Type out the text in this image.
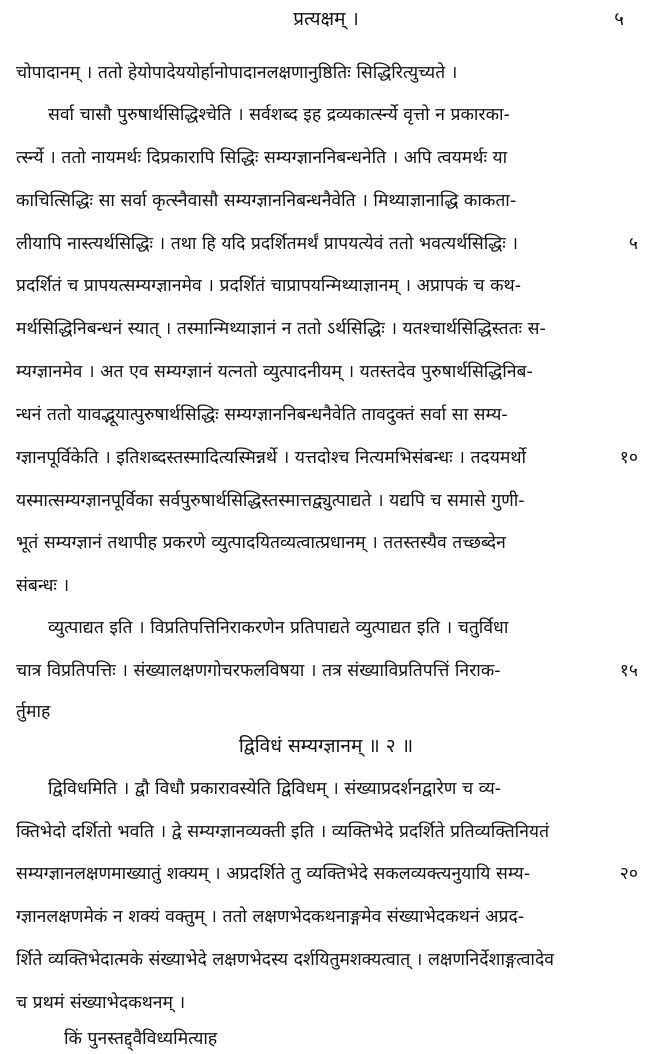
प्रत्यक्षम् ।	५
चोपादानम् । ततो हेयोपादेययोर्हानोपादानलक्षणानुष्ठितिः सिद्धिरित्युच्यते ।
सर्वा चासौ पुरुषार्थसिद्धिश्चेति । सर्वशब्द इह द्रव्यकार्त्स्न्ये वृत्तो न प्रकारका-
र्त्स्न्ये । ततो नायमर्थः दिप्रकारापि सिद्धिः सम्यग्ज्ञाननिबन्धनेति । अपि त्वयमर्थः या
काचित्सिद्धिः सा सर्वा कृत्स्नैवासौ सम्यग्ज्ञाननिबन्धनैवेति । मिथ्याज्ञानाद्धि काकता-
लीयापि नास्त्यर्थसिद्धिः । तथा हि यदि प्रदर्शितमर्थं प्रापयत्येवं ततो भवत्यर्थसिद्धिः ।
प्रदर्शितं च प्रापयत्सम्यग्ज्ञानमेव । प्रदर्शितं चाप्रापयन्मिथ्याज्ञानम् । अप्रापकं च कथ-
मर्थसिद्धिनिबन्धनं स्यात् । तस्मान्मिथ्याज्ञानं न ततो ऽर्थसिद्धिः । यतश्चार्थसिद्धिस्ततः स-
म्यग्ज्ञानमेव । अत एव सम्यग्ज्ञानं यत्नतो व्युत्पादनीयम् । यतस्तदेव पुरुषार्थसिद्धिनिब-
न्धनं ततो यावद्भूयात्पुरुषार्थसिद्धिः सम्यग्ज्ञाननिबन्धनैवेति तावदुक्तं सर्वा सा सम्य-
ग्ज्ञानपूर्विकेति । इतिशब्दस्तस्मादित्यस्मिन्नर्थे । यत्तदोश्च नित्यमभिसंबन्धः । तदयमर्थो
यस्मात्सम्यग्ज्ञानपूर्विका सर्वपुरुषार्थसिद्धिस्तस्मात्तद्व्युत्पाद्यते । यद्यपि च समासे गुणी-
भूतं सम्यग्ज्ञानं तथापीह प्रकरणे व्युत्पादयितव्यत्वात्प्रधानम् । ततस्तस्यैव तच्छब्देन
संबन्धः ।
व्युत्पाद्यत इति । विप्रतिपत्तिनिराकरणेन प्रतिपाद्यते व्युत्पाद्यत इति । चतुर्विधा
चात्र विप्रतिपत्तिः । संख्यालक्षणगोचरफलविषया । तत्र संख्याविप्रतिपत्तिं निराक-
र्तुमाह
द्विविधं सम्यग्ज्ञानम् ॥ २ ॥
द्विविधमिति । द्वौ विधौ प्रकारावस्येति द्विविधम् । संख्याप्रदर्शनद्वारेण च व्य-
क्तिभेदो दर्शितो भवति । द्वे सम्यग्ज्ञानव्यक्ती इति । व्यक्तिभेदे प्रदर्शिते प्रतिव्यक्तिनियतं
सम्यग्ज्ञानलक्षणमाख्यातुं शक्यम् । अप्रदर्शिते तु व्यक्तिभेदे सकलव्यक्त्यनुयायि सम्य-
ग्ज्ञानलक्षणमेकं न शक्यं वक्तुम् । ततो लक्षणभेदकथनाङ्गमेव संख्याभेदकथनं अप्रद-
र्शिते व्यक्तिभेदात्मके संख्याभेदे लक्षणभेदस्य दर्शयितुमशक्यत्वात् । लक्षणनिर्देशाङ्गत्वादेव
च प्रथमं संख्याभेदकथनम् ।
किं पुनस्तद्द्वैविध्यमित्याह
५
१०
१५
२०
